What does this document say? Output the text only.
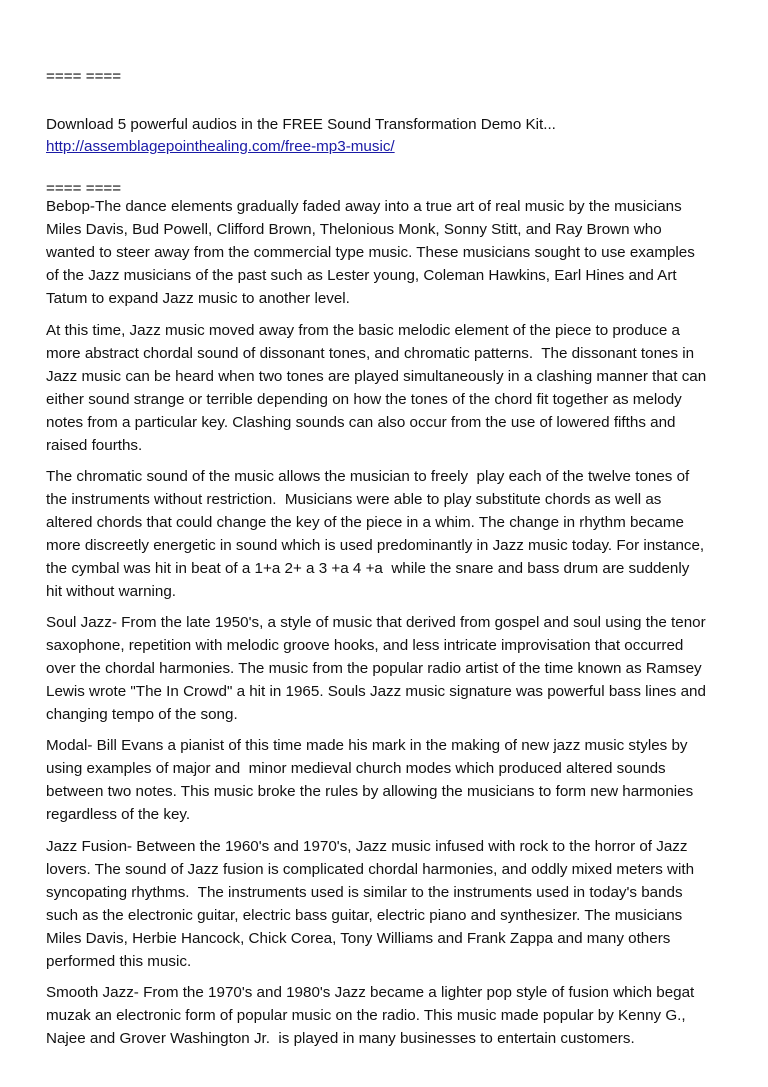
==== ====
Download 5 powerful audios in the FREE Sound Transformation Demo Kit...
http://assemblagepointhealing.com/free-mp3-music/
==== ====
Bebop-The dance elements gradually faded away into a true art of real music by the musicians
Miles Davis, Bud Powell, Clifford Brown, Thelonious Monk, Sonny Stitt, and Ray Brown who
wanted to steer away from the commercial type music. These musicians sought to use examples
of the Jazz musicians of the past such as Lester young, Coleman Hawkins, Earl Hines and Art
Tatum to expand Jazz music to another level.
At this time, Jazz music moved away from the basic melodic element of the piece to produce a
more abstract chordal sound of dissonant tones, and chromatic patterns.  The dissonant tones in
Jazz music can be heard when two tones are played simultaneously in a clashing manner that can
either sound strange or terrible depending on how the tones of the chord fit together as melody
notes from a particular key. Clashing sounds can also occur from the use of lowered fifths and
raised fourths.
The chromatic sound of the music allows the musician to freely  play each of the twelve tones of
the instruments without restriction.  Musicians were able to play substitute chords as well as
altered chords that could change the key of the piece in a whim. The change in rhythm became
more discreetly energetic in sound which is used predominantly in Jazz music today. For instance,
the cymbal was hit in beat of a 1+a 2+ a 3 +a 4 +a  while the snare and bass drum are suddenly
hit without warning.
Soul Jazz- From the late 1950's, a style of music that derived from gospel and soul using the tenor
saxophone, repetition with melodic groove hooks, and less intricate improvisation that occurred
over the chordal harmonies. The music from the popular radio artist of the time known as Ramsey
Lewis wrote "The In Crowd" a hit in 1965. Souls Jazz music signature was powerful bass lines and
changing tempo of the song.
Modal- Bill Evans a pianist of this time made his mark in the making of new jazz music styles by
using examples of major and  minor medieval church modes which produced altered sounds
between two notes. This music broke the rules by allowing the musicians to form new harmonies
regardless of the key.
Jazz Fusion- Between the 1960's and 1970's, Jazz music infused with rock to the horror of Jazz
lovers. The sound of Jazz fusion is complicated chordal harmonies, and oddly mixed meters with
syncopating rhythms.  The instruments used is similar to the instruments used in today's bands
such as the electronic guitar, electric bass guitar, electric piano and synthesizer. The musicians
Miles Davis, Herbie Hancock, Chick Corea, Tony Williams and Frank Zappa and many others
performed this music.
Smooth Jazz- From the 1970's and 1980's Jazz became a lighter pop style of fusion which begat
muzak an electronic form of popular music on the radio. This music made popular by Kenny G.,
Najee and Grover Washington Jr.  is played in many businesses to entertain customers.
